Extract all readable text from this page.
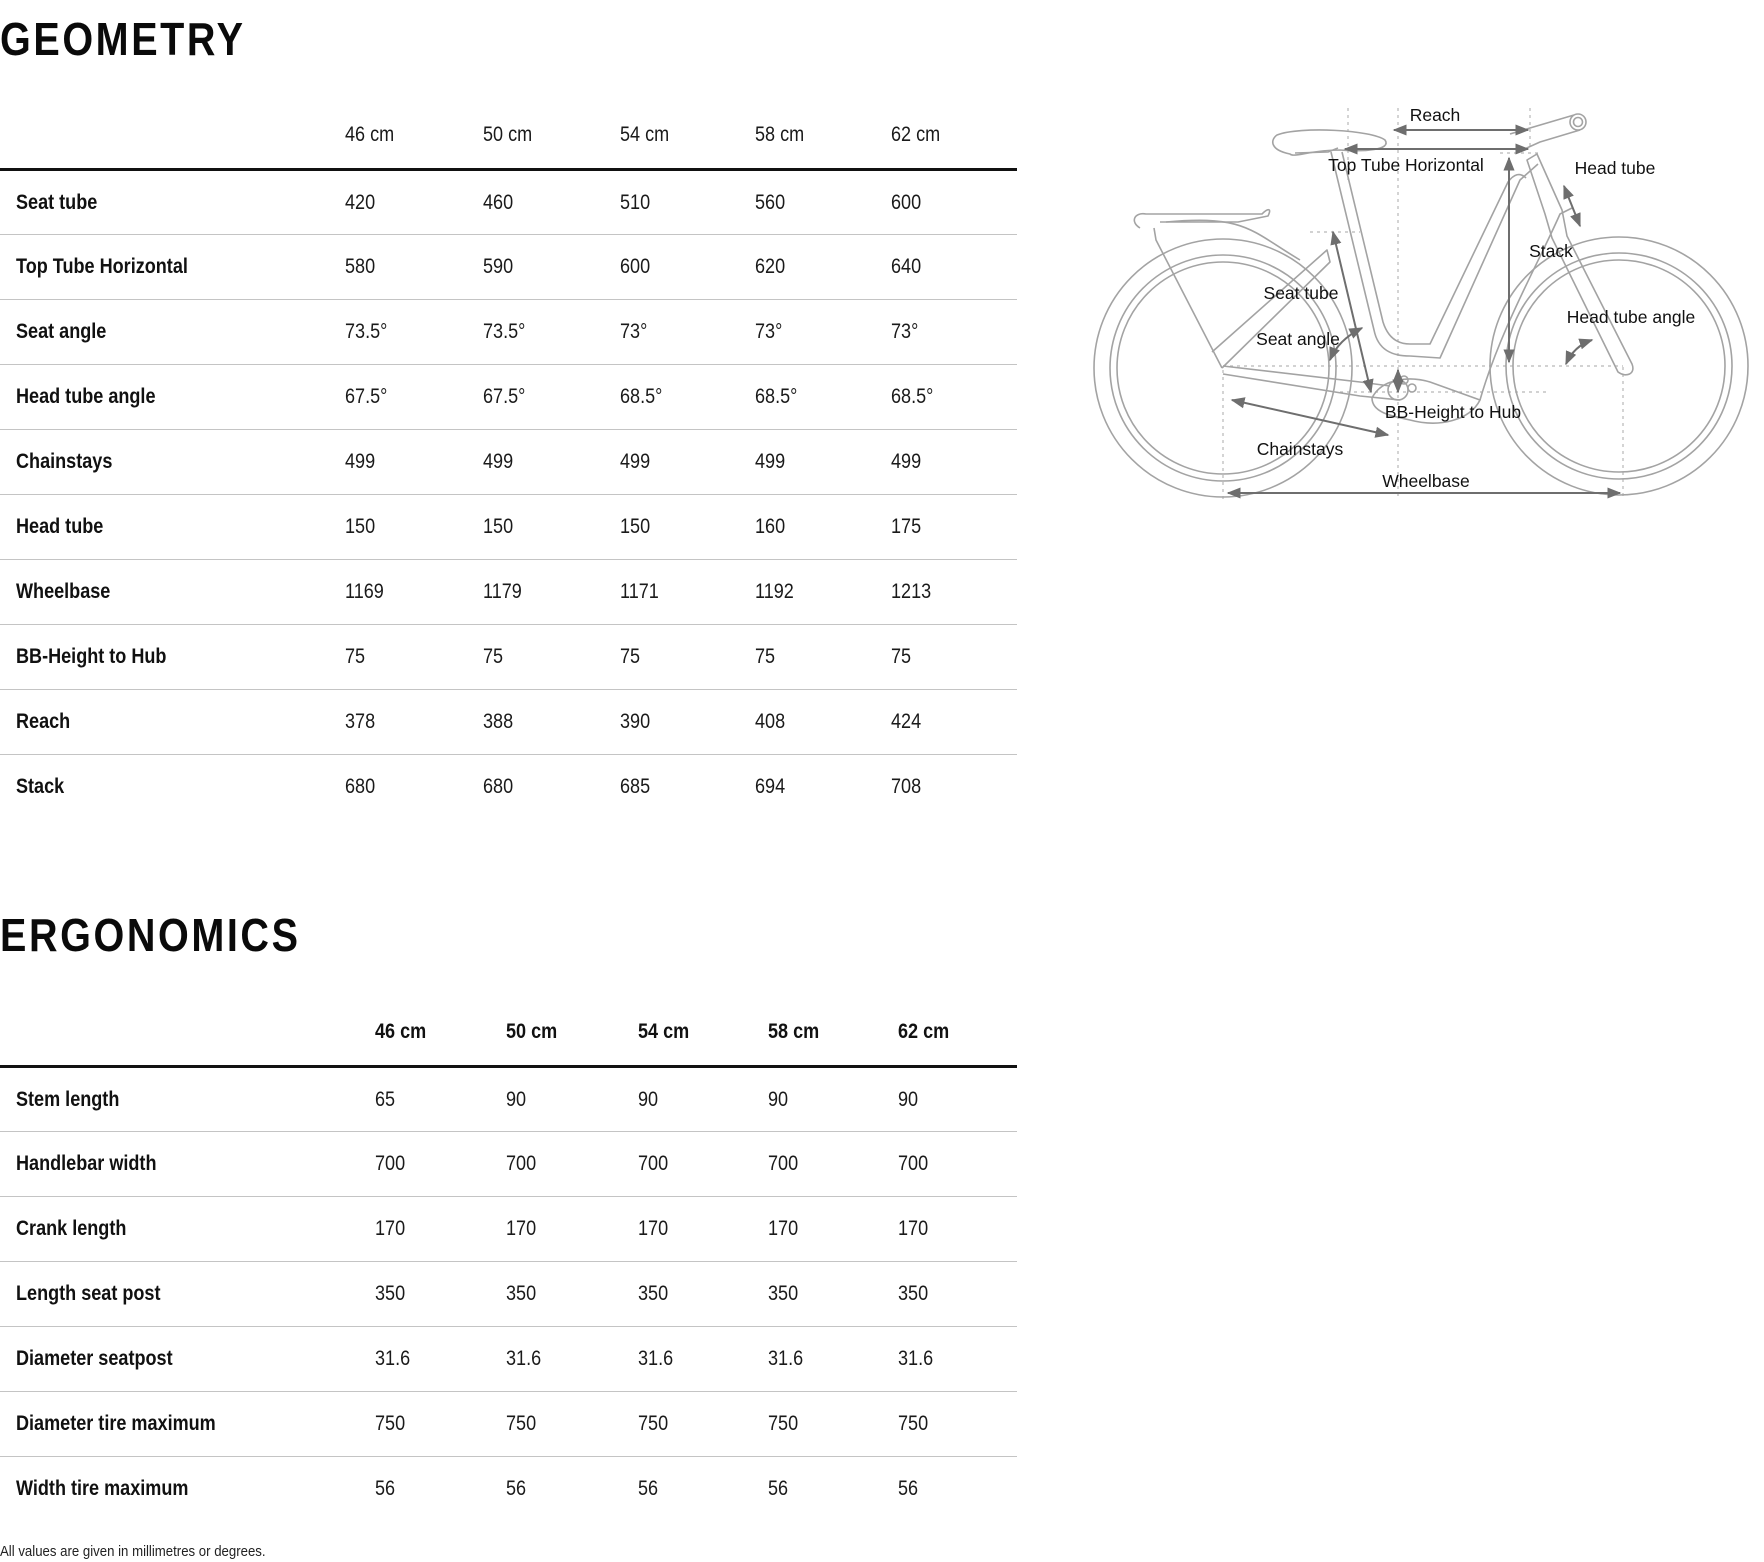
GEOMETRY
	46 cm	50 cm	54 cm	58 cm	62 cm
Seat tube	420	460	510	560	600
Top Tube Horizontal	580	590	600	620	640
Seat angle	73.5°	73.5°	73°	73°	73°
Head tube angle	67.5°	67.5°	68.5°	68.5°	68.5°
Chainstays	499	499	499	499	499
Head tube	150	150	150	160	175
Wheelbase	1169	1179	1171	1192	1213
BB-Height to Hub	75	75	75	75	75
Reach	378	388	390	408	424
Stack	680	680	685	694	708
Reach
Top Tube Horizontal	Head tube
Stack
Seat tube
Head tube angle
Seat angle
BB-Height to Hub
Chainstays
Wheelbase
ERGONOMICS
	46 cm	50 cm	54 cm	58 cm	62 cm
Stem length	65	90	90	90	90
Handlebar width	700	700	700	700	700
Crank length	170	170	170	170	170
Length seat post	350	350	350	350	350
Diameter seatpost	31.6	31.6	31.6	31.6	31.6
Diameter tire maximum	750	750	750	750	750
Width tire maximum	56	56	56	56	56
All values are given in millimetres or degrees.
